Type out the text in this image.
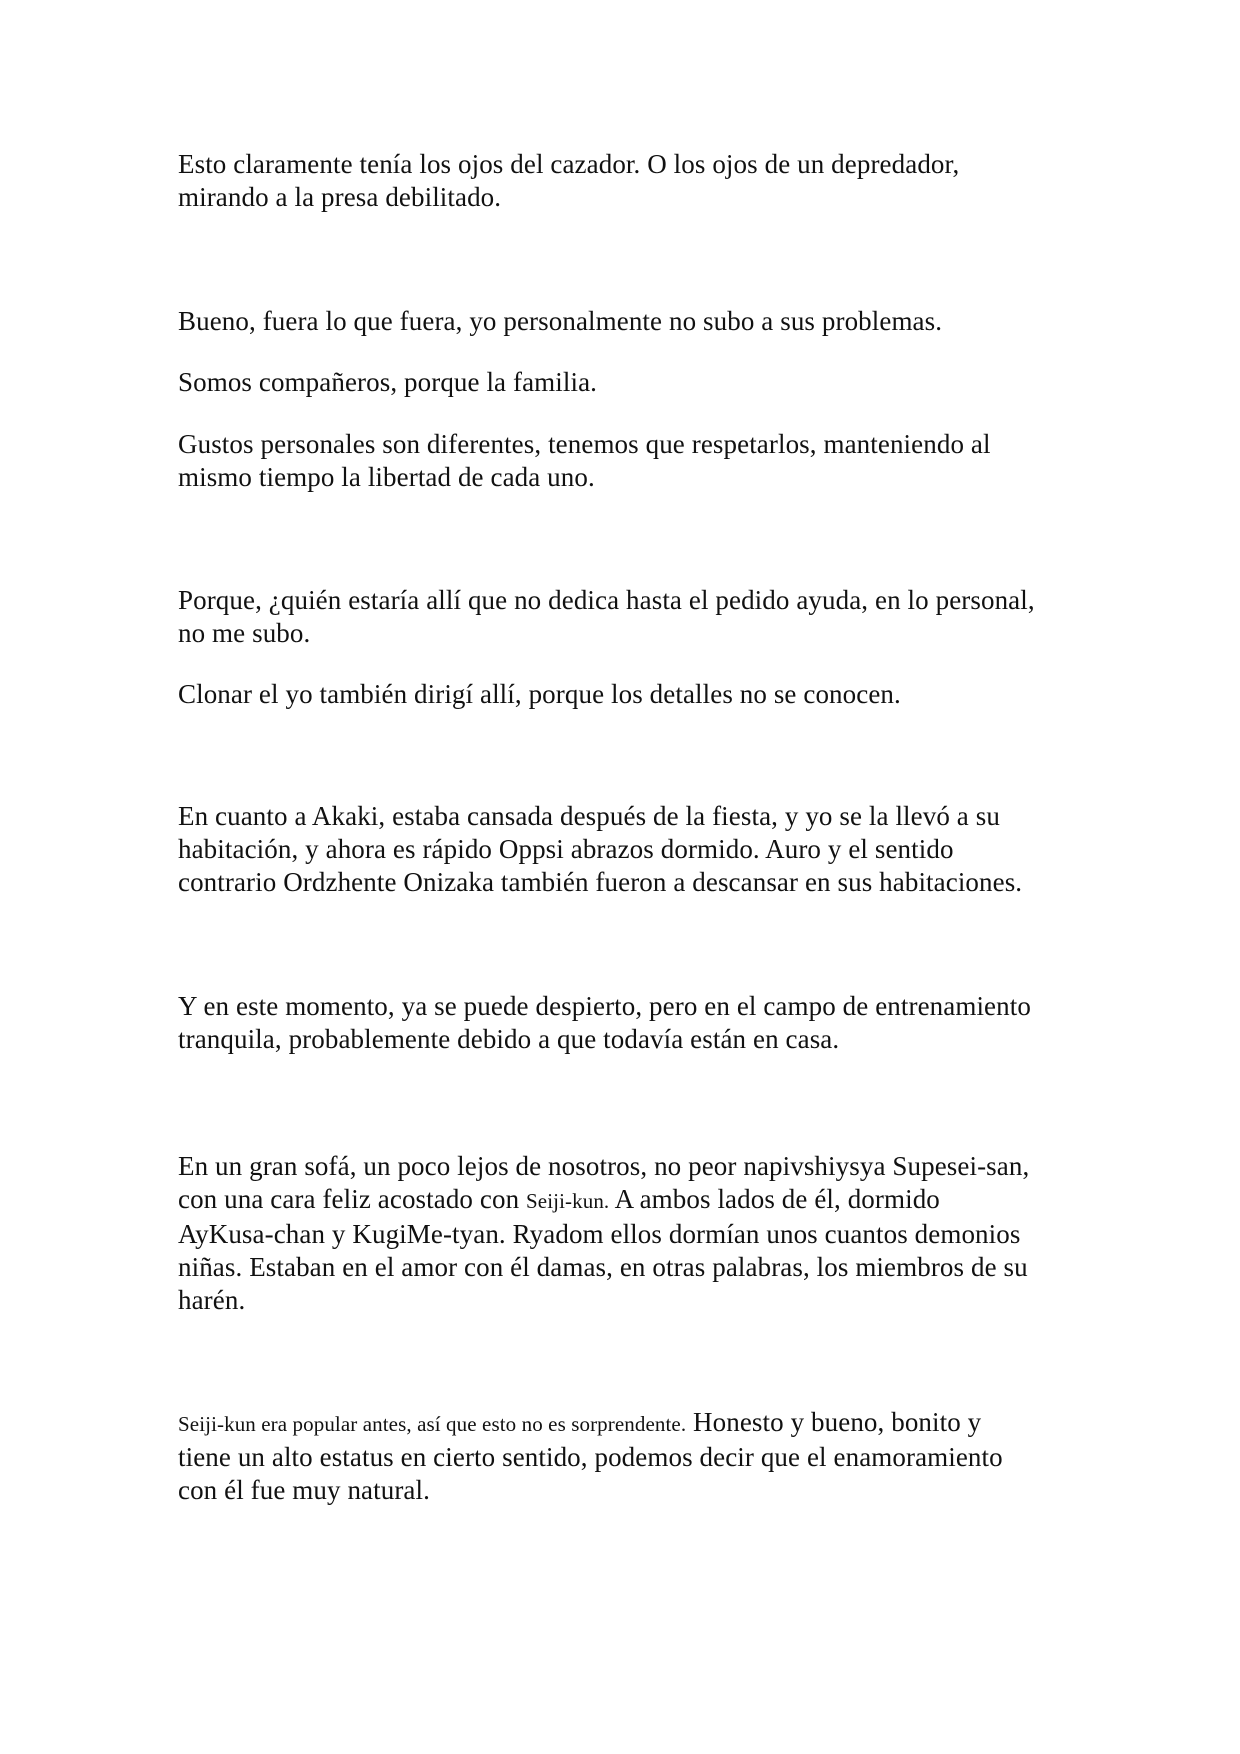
Esto claramente tenía los ojos del cazador. O los ojos de un depredador,
mirando a la presa debilitado.

Bueno, fuera lo que fuera, yo personalmente no subo a sus problemas.

Somos compañeros, porque la familia.

Gustos personales son diferentes, tenemos que respetarlos, manteniendo al
mismo tiempo la libertad de cada uno.

Porque, ¿quién estaría allí que no dedica hasta el pedido ayuda, en lo personal,
no me subo.

Clonar el yo también dirigí allí, porque los detalles no se conocen.

En cuanto a Akaki, estaba cansada después de la fiesta, y yo se la llevó a su
habitación, y ahora es rápido Oppsi abrazos dormido. Auro y el sentido
contrario Ordzhente Onizaka también fueron a descansar en sus habitaciones.

Y en este momento, ya se puede despierto, pero en el campo de entrenamiento
tranquila, probablemente debido a que todavía están en casa.

En un gran sofá, un poco lejos de nosotros, no peor napivshiysya Supesei-san,
con una cara feliz acostado con Seiji-kun. A ambos lados de él, dormido
AyKusa-chan y KugiMe-tyan. Ryadom ellos dormían unos cuantos demonios
niñas. Estaban en el amor con él damas, en otras palabras, los miembros de su
harén.

Seiji-kun era popular antes, así que esto no es sorprendente. Honesto y bueno, bonito y
tiene un alto estatus en cierto sentido, podemos decir que el enamoramiento
con él fue muy natural.
